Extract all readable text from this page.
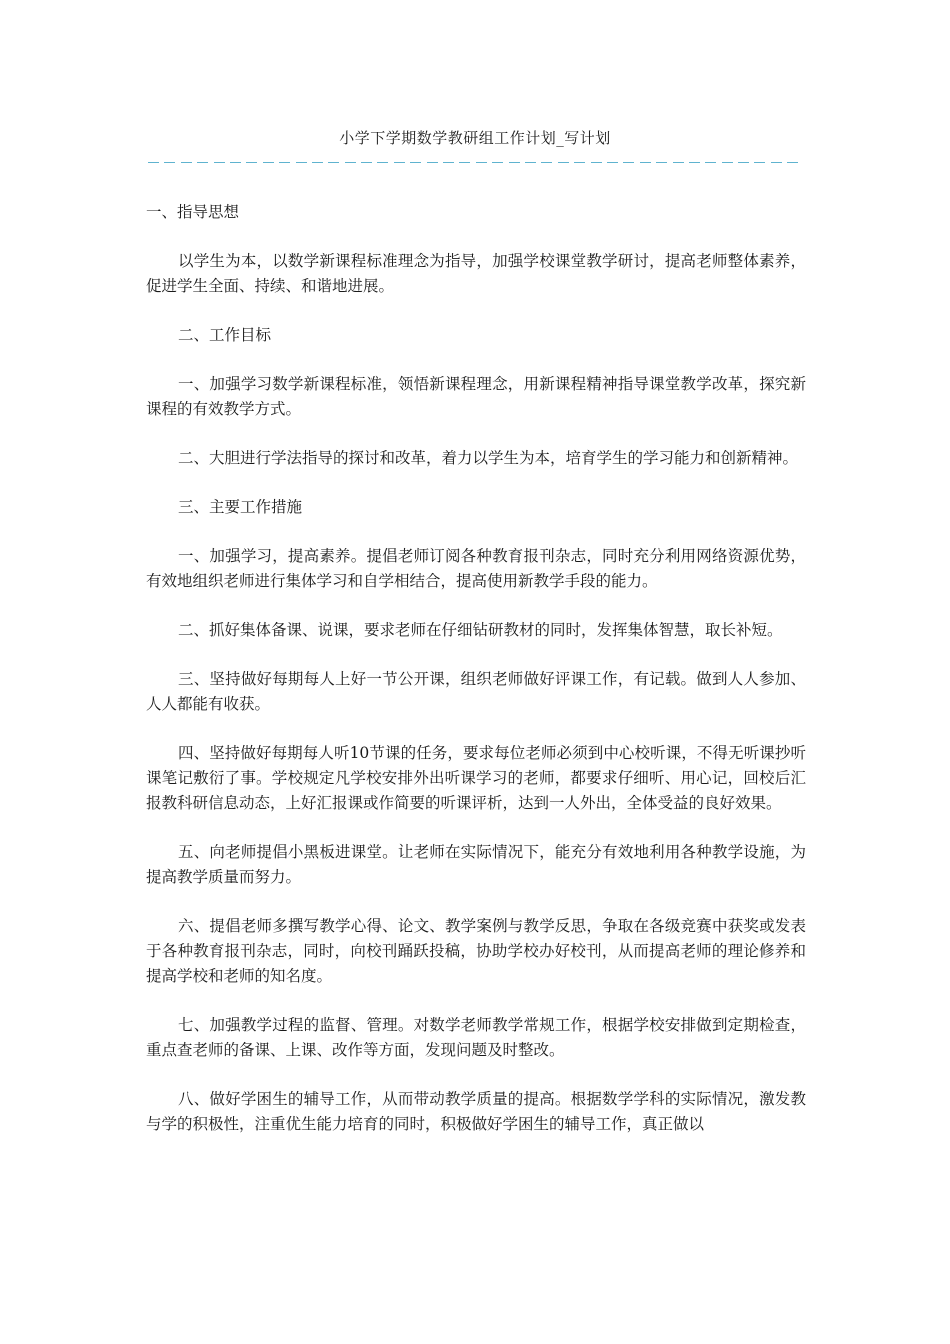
小学下学期数学教研组工作计划_写计划

一、指导思想

以学生为本，以数学新课程标准理念为指导，加强学校课堂教学研讨，提高老师整体素养，促进学生全面、持续、和谐地进展。

二、工作目标

一、加强学习数学新课程标准，领悟新课程理念，用新课程精神指导课堂教学改革，探究新课程的有效教学方式。

二、大胆进行学法指导的探讨和改革，着力以学生为本，培育学生的学习能力和创新精神。

三、主要工作措施

一、加强学习，提高素养。提倡老师订阅各种教育报刊杂志，同时充分利用网络资源优势，有效地组织老师进行集体学习和自学相结合，提高使用新教学手段的能力。

二、抓好集体备课、说课，要求老师在仔细钻研教材的同时，发挥集体智慧，取长补短。

三、坚持做好每期每人上好一节公开课，组织老师做好评课工作，有记载。做到人人参加、人人都能有收获。

四、坚持做好每期每人听10节课的任务，要求每位老师必须到中心校听课，不得无听课抄听课笔记敷衍了事。学校规定凡学校安排外出听课学习的老师，都要求仔细听、用心记，回校后汇报教科研信息动态，上好汇报课或作简要的听课评析，达到一人外出，全体受益的良好效果。

五、向老师提倡小黑板进课堂。让老师在实际情况下，能充分有效地利用各种教学设施，为提高教学质量而努力。

六、提倡老师多撰写教学心得、论文、教学案例与教学反思，争取在各级竞赛中获奖或发表于各种教育报刊杂志，同时，向校刊踊跃投稿，协助学校办好校刊，从而提高老师的理论修养和提高学校和老师的知名度。

七、加强教学过程的监督、管理。对数学老师教学常规工作，根据学校安排做到定期检查，重点查老师的备课、上课、改作等方面，发现问题及时整改。

八、做好学困生的辅导工作，从而带动教学质量的提高。根据数学学科的实际情况，激发教与学的积极性，注重优生能力培育的同时，积极做好学困生的辅导工作，真正做以
